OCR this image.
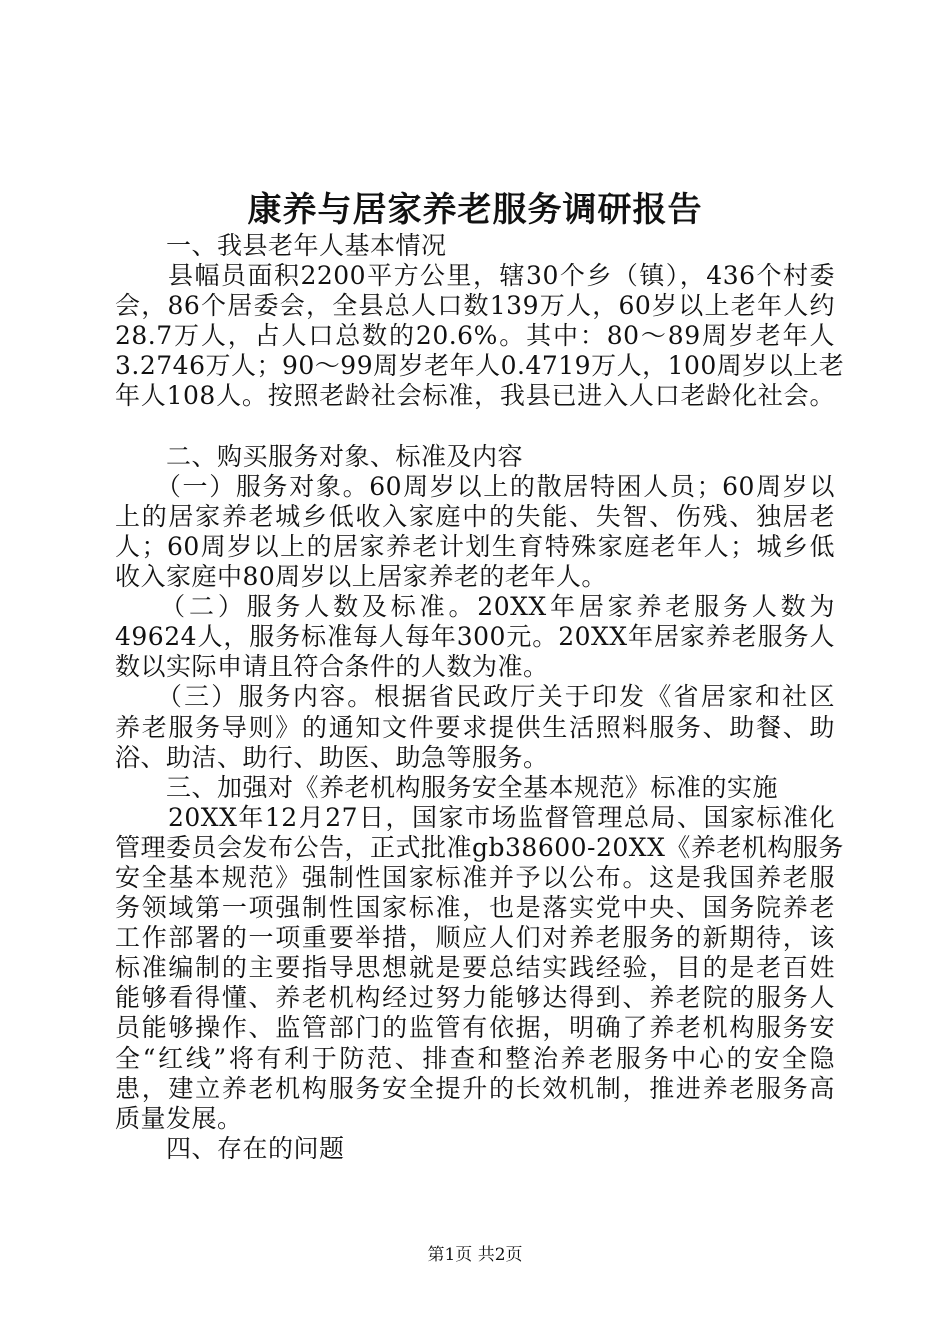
康养与居家养老服务调研报告
　　一、我县老年人基本情况
　　县幅员面积2200平方公里，辖30个乡（镇），436个村委
会，86个居委会，全县总人口数139万人，60岁以上老年人约
28.7万人，占人口总数的20.6%。其中：80～89周岁老年人
3.2746万人；90～99周岁老年人0.4719万人，100周岁以上老
年人108人。按照老龄社会标准，我县已进入人口老龄化社会。
　　二、购买服务对象、标准及内容
　　（一）服务对象。60周岁以上的散居特困人员；60周岁以
上的居家养老城乡低收入家庭中的失能、失智、伤残、独居老
人；60周岁以上的居家养老计划生育特殊家庭老年人；城乡低
收入家庭中80周岁以上居家养老的老年人。
　　（二）服务人数及标准。20XX年居家养老服务人数为
49624人，服务标准每人每年300元。20XX年居家养老服务人
数以实际申请且符合条件的人数为准。
　　（三）服务内容。根据省民政厅关于印发《省居家和社区
养老服务导则》的通知文件要求提供生活照料服务、助餐、助
浴、助洁、助行、助医、助急等服务。
　　三、加强对《养老机构服务安全基本规范》标准的实施
　　20XX年12月27日，国家市场监督管理总局、国家标准化
管理委员会发布公告，正式批准gb38600-20XX《养老机构服务
安全基本规范》强制性国家标准并予以公布。这是我国养老服
务领域第一项强制性国家标准，也是落实党中央、国务院养老
工作部署的一项重要举措，顺应人们对养老服务的新期待，该
标准编制的主要指导思想就是要总结实践经验，目的是老百姓
能够看得懂、养老机构经过努力能够达得到、养老院的服务人
员能够操作、监管部门的监管有依据，明确了养老机构服务安
全“红线”将有利于防范、排查和整治养老服务中心的安全隐
患，建立养老机构服务安全提升的长效机制，推进养老服务高
质量发展。
　　四、存在的问题
第1页 共2页
